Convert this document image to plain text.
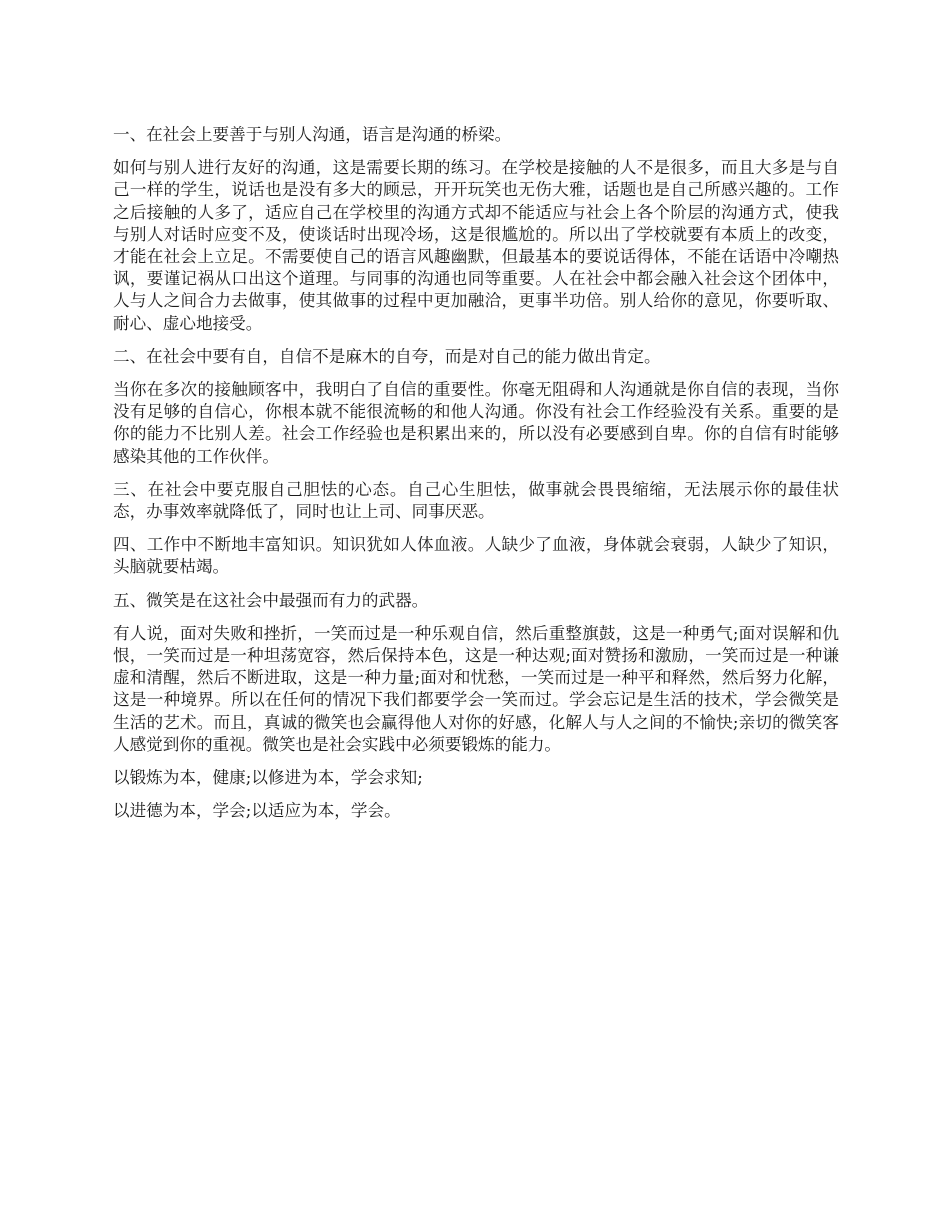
一、在社会上要善于与别人沟通，语言是沟通的桥梁。

如何与别人进行友好的沟通，这是需要长期的练习。在学校是接触的人不是很多，而且大多是与自己一样的学生，说话也是没有多大的顾忌，开开玩笑也无伤大雅，话题也是自己所感兴趣的。工作之后接触的人多了，适应自己在学校里的沟通方式却不能适应与社会上各个阶层的沟通方式，使我与别人对话时应变不及，使谈话时出现冷场，这是很尴尬的。所以出了学校就要有本质上的改变，才能在社会上立足。不需要使自己的语言风趣幽默，但最基本的要说话得体，不能在话语中冷嘲热讽，要谨记祸从口出这个道理。与同事的沟通也同等重要。人在社会中都会融入社会这个团体中，人与人之间合力去做事，使其做事的过程中更加融洽，更事半功倍。别人给你的意见，你要听取、耐心、虚心地接受。

二、在社会中要有自，自信不是麻木的自夸，而是对自己的能力做出肯定。

当你在多次的接触顾客中，我明白了自信的重要性。你毫无阻碍和人沟通就是你自信的表现，当你没有足够的自信心，你根本就不能很流畅的和他人沟通。你没有社会工作经验没有关系。重要的是你的能力不比别人差。社会工作经验也是积累出来的，所以没有必要感到自卑。你的自信有时能够感染其他的工作伙伴。

三、在社会中要克服自己胆怯的心态。自己心生胆怯，做事就会畏畏缩缩，无法展示你的最佳状态，办事效率就降低了，同时也让上司、同事厌恶。

四、工作中不断地丰富知识。知识犹如人体血液。人缺少了血液，身体就会衰弱，人缺少了知识，头脑就要枯竭。

五、微笑是在这社会中最强而有力的武器。

有人说，面对失败和挫折，一笑而过是一种乐观自信，然后重整旗鼓，这是一种勇气;面对误解和仇恨，一笑而过是一种坦荡宽容，然后保持本色，这是一种达观;面对赞扬和激励，一笑而过是一种谦虚和清醒，然后不断进取，这是一种力量;面对和忧愁，一笑而过是一种平和释然，然后努力化解，这是一种境界。所以在任何的情况下我们都要学会一笑而过。学会忘记是生活的技术，学会微笑是生活的艺术。而且，真诚的微笑也会赢得他人对你的好感，化解人与人之间的不愉快;亲切的微笑客人感觉到你的重视。微笑也是社会实践中必须要锻炼的能力。

以锻炼为本，健康;以修进为本，学会求知;

以进德为本，学会;以适应为本，学会。
